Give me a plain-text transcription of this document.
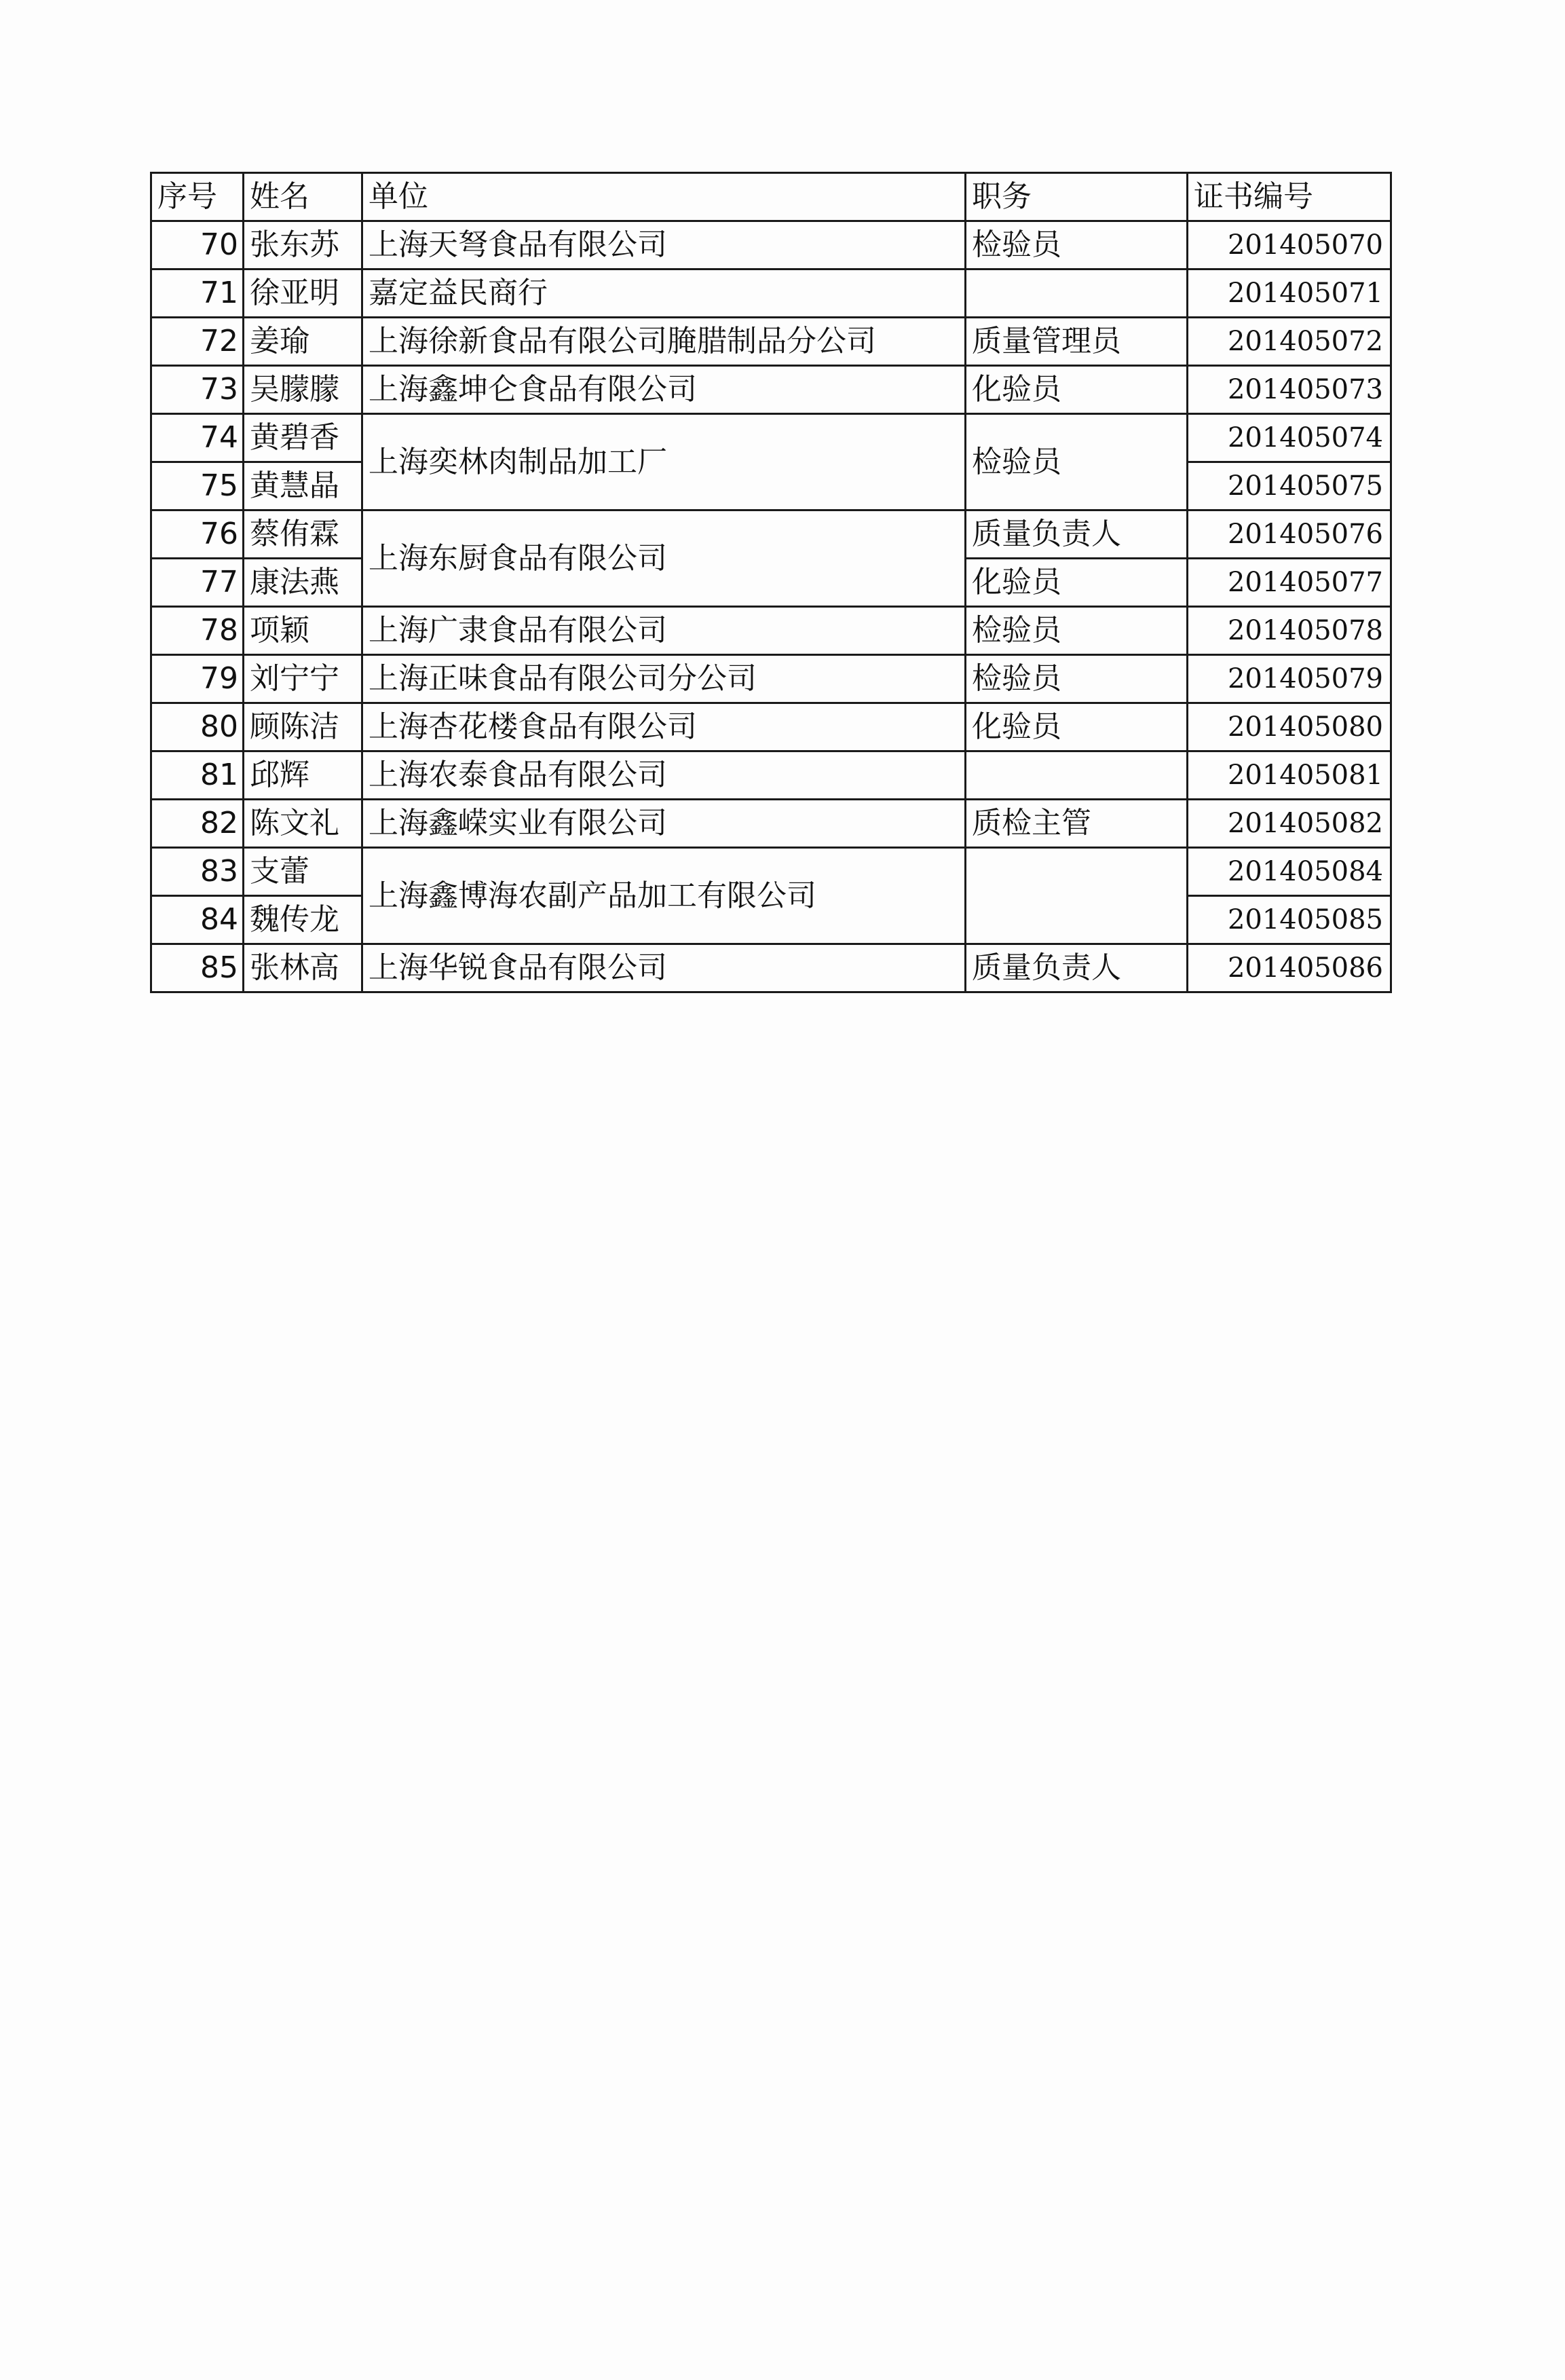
序号	姓名	单位	职务	证书编号
70	张东苏	上海天弩食品有限公司	检验员	201405070
71	徐亚明	嘉定益民商行		201405071
72	姜瑜	上海徐新食品有限公司腌腊制品分公司	质量管理员	201405072
73	吴朦朦	上海鑫坤仑食品有限公司	化验员	201405073
74	黄碧香	上海奕林肉制品加工厂	检验员	201405074
75	黄慧晶			201405075
76	蔡侑霖	上海东厨食品有限公司	质量负责人	201405076
77	康法燕		化验员	201405077
78	项颖	上海广隶食品有限公司	检验员	201405078
79	刘宁宁	上海正味食品有限公司分公司	检验员	201405079
80	顾陈洁	上海杏花楼食品有限公司	化验员	201405080
81	邱辉	上海农泰食品有限公司		201405081
82	陈文礼	上海鑫嵘实业有限公司	质检主管	201405082
83	支蕾	上海鑫博海农副产品加工有限公司		201405084
84	魏传龙			201405085
85	张林高	上海华锐食品有限公司	质量负责人	201405086
